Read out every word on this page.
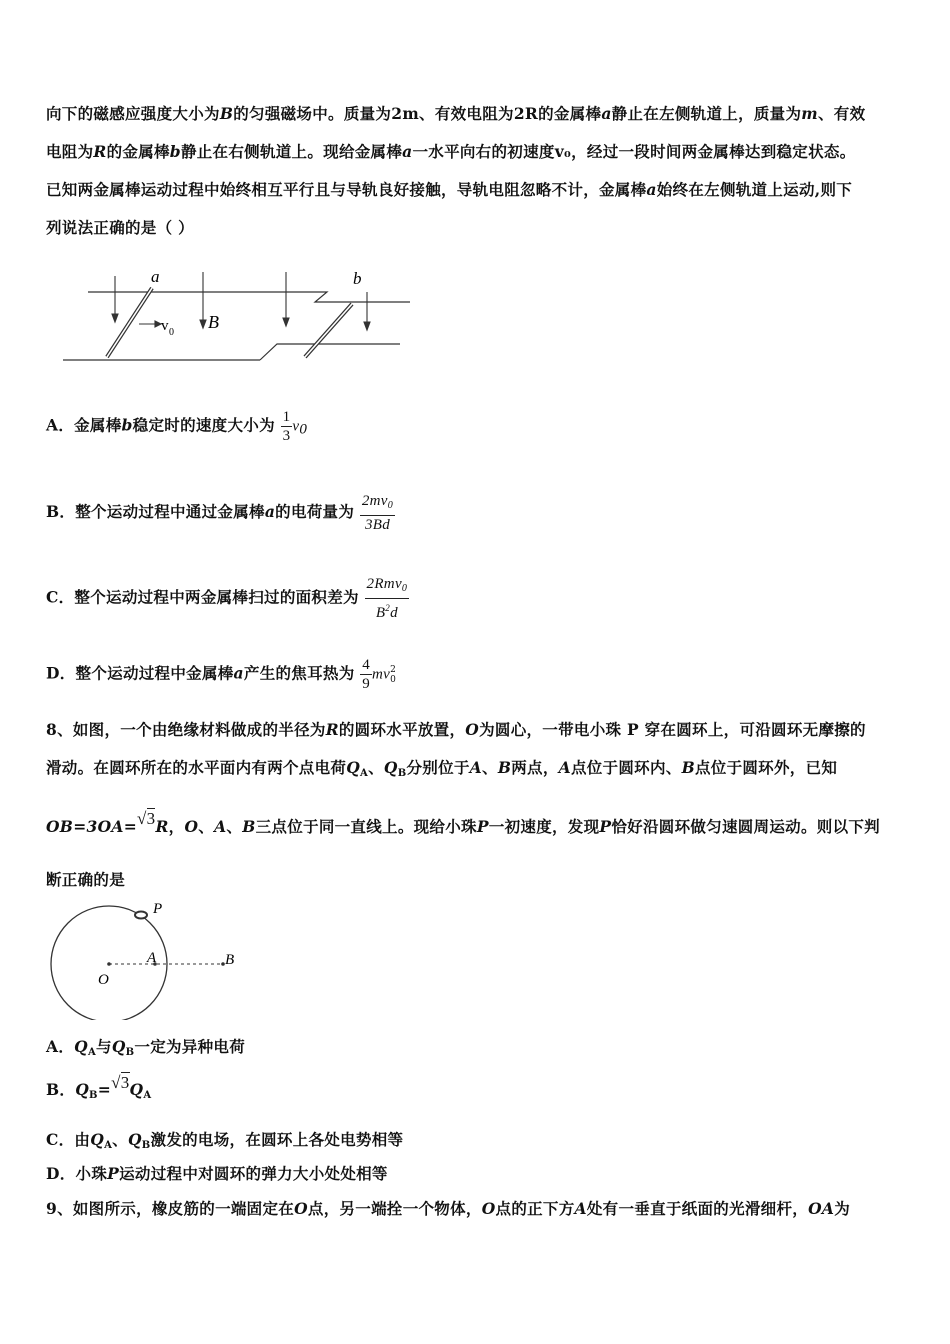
向下的磁感应强度大小为B的匀强磁场中。质量为2m、有效电阻为2R的金属棒a静止在左侧轨道上，质量为m、有效
电阻为R的金属棒b静止在右侧轨道上。现给金属棒a一水平向右的初速度v₀，经过一段时间两金属棒达到稳定状态。
已知两金属棒运动过程中始终相互平行且与导轨良好接触，导轨电阻忽略不计，金属棒a始终在左侧轨道上运动,则下
列说法正确的是（ ）
a	b
B
v 0
A．金属棒b稳定时的速度大小为 $\frac{1}{3} v0$
B．整个运动过程中通过金属棒a的电荷量为 $\frac{2mv_0}{3Bd}$
C．整个运动过程中两金属棒扫过的面积差为 $\frac{2Rmv_0}{B^2d}$
D．整个运动过程中金属棒a产生的焦耳热为 $\frac{4}{9}$ mv 2
0
8、如图，一个由绝缘材料做成的半径为R的圆环水平放置，O为圆心，一带电小珠 P 穿在圆环上，可沿圆环无摩擦的
滑动。在圆环所在的水平面内有两个点电荷$Q_A$、$Q_B$分别位于A、B两点，A点位于圆环内、B点位于圆环外，已知
OB=3OA=√3R，O、A、B三点位于同一直线上。现给小珠P一初速度，发现P恰好沿圆环做匀速圆周运动。则以下判
断正确的是
P
O
A	B
A．$Q_A$与$Q_B$一定为异种电荷
B．$Q_B=√3Q_A$
C．由$Q_A$、$Q_B$激发的电场，在圆环上各处电势相等
D．小珠P运动过程中对圆环的弹力大小处处相等
9、如图所示，橡皮筋的一端固定在O点，另一端拴一个物体，O点的正下方A处有一垂直于纸面的光滑细杆，OA为
